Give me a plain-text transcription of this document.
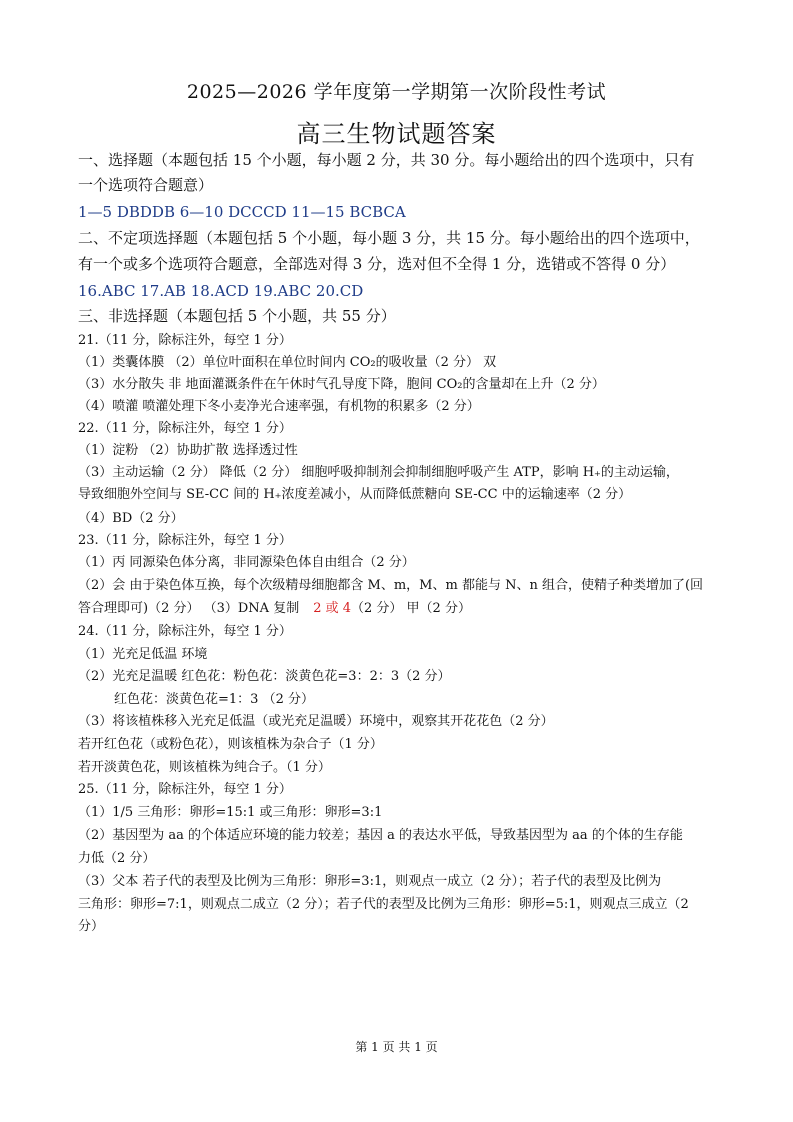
2025—2026 学年度第一学期第一次阶段性考试
高三生物试题答案
一、选择题（本题包括 15 个小题，每小题 2 分，共 30 分。每小题给出的四个选项中，只有
一个选项符合题意）
1—5 DBDDB 6—10 DCCCD 11—15 BCBCA
二、不定项选择题（本题包括 5 个小题，每小题 3 分，共 15 分。每小题给出的四个选项中，
有一个或多个选项符合题意，全部选对得 3 分，选对但不全得 1 分，选错或不答得 0 分）
16.ABC 17.AB 18.ACD 19.ABC 20.CD
三、非选择题（本题包括 5 个小题，共 55 分）
21.（11 分，除标注外，每空 1 分）
（1）类囊体膜 （2）单位叶面积在单位时间内 CO₂的吸收量（2 分） 双
（3）水分散失 非 地面灌溉条件在午休时气孔导度下降，胞间 CO₂的含量却在上升（2 分）
（4）喷灌 喷灌处理下冬小麦净光合速率强，有机物的积累多（2 分）
22.（11 分，除标注外，每空 1 分）
（1）淀粉 （2）协助扩散 选择透过性
（3）主动运输（2 分） 降低（2 分） 细胞呼吸抑制剂会抑制细胞呼吸产生 ATP，影响 H₊的主动运输，
导致细胞外空间与 SE-CC 间的 H₊浓度差减小，从而降低蔗糖向 SE-CC 中的运输速率（2 分）
（4）BD（2 分）
23.（11 分，除标注外，每空 1 分）
（1）丙 同源染色体分离，非同源染色体自由组合（2 分）
（2）会 由于染色体互换，每个次级精母细胞都含 M、m，M、m 都能与 N、n 组合，使精子种类增加了(回
答合理即可)（2 分） （3）DNA 复制 2 或 4（2 分） 甲（2 分）
24.（11 分，除标注外，每空 1 分）
（1）光充足低温 环境
（2）光充足温暖 红色花：粉色花：淡黄色花=3：2：3（2 分）
红色花：淡黄色花=1：3 （2 分）
（3）将该植株移入光充足低温（或光充足温暖）环境中，观察其开花花色（2 分）
若开红色花（或粉色花），则该植株为杂合子（1 分）
若开淡黄色花，则该植株为纯合子。（1 分）
25.（11 分，除标注外，每空 1 分）
（1）1/5 三角形：卵形=15:1 或三角形：卵形=3:1
（2）基因型为 aa 的个体适应环境的能力较差；基因 a 的表达水平低，导致基因型为 aa 的个体的生存能
力低（2 分）
（3）父本 若子代的表型及比例为三角形：卵形=3:1，则观点一成立（2 分）；若子代的表型及比例为
三角形：卵形=7:1，则观点二成立（2 分）；若子代的表型及比例为三角形：卵形=5:1，则观点三成立（2
分）
第 1 页 共 1 页
